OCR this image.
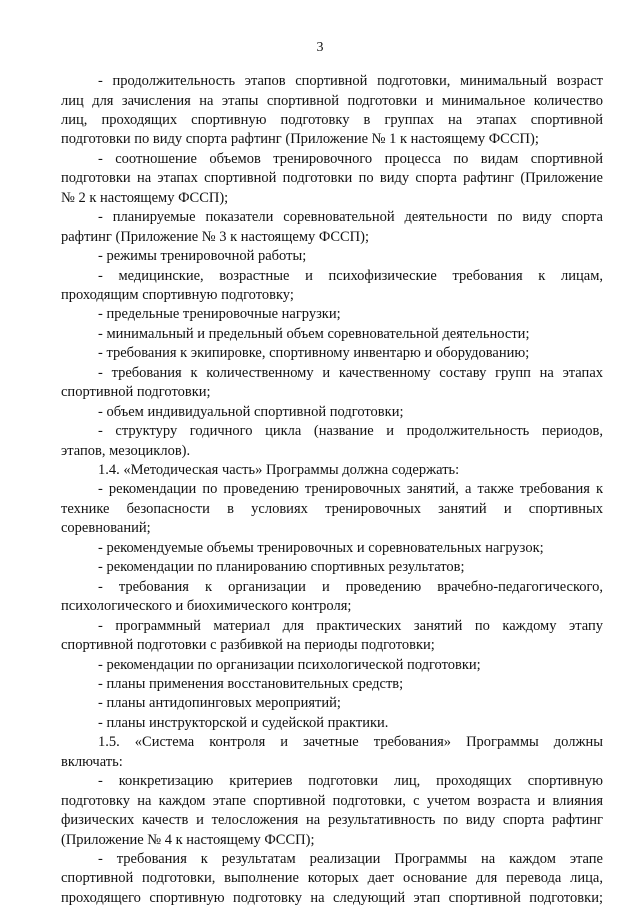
3
- продолжительность этапов спортивной подготовки, минимальный возраст
лиц для зачисления на этапы спортивной подготовки и минимальное количество
лиц, проходящих спортивную подготовку в группах на этапах спортивной
подготовки по виду спорта рафтинг (Приложение № 1 к настоящему ФССП);
- соотношение объемов тренировочного процесса по видам спортивной
подготовки на этапах спортивной подготовки по виду спорта рафтинг (Приложение
№ 2 к настоящему ФССП);
- планируемые показатели соревновательной деятельности по виду спорта
рафтинг (Приложение № 3 к настоящему ФССП);
- режимы тренировочной работы;
- медицинские, возрастные и психофизические требования к лицам,
проходящим спортивную подготовку;
- предельные тренировочные нагрузки;
- минимальный и предельный объем соревновательной деятельности;
- требования к экипировке, спортивному инвентарю и оборудованию;
- требования к количественному и качественному составу групп на этапах
спортивной подготовки;
- объем индивидуальной спортивной подготовки;
- структуру годичного цикла (название и продолжительность периодов,
этапов, мезоциклов).
1.4. «Методическая часть» Программы должна содержать:
- рекомендации по проведению тренировочных занятий, а также требования к
технике безопасности в условиях тренировочных занятий и спортивных
соревнований;
- рекомендуемые объемы тренировочных и соревновательных нагрузок;
- рекомендации по планированию спортивных результатов;
- требования к организации и проведению врачебно-педагогического,
психологического и биохимического контроля;
- программный материал для практических занятий по каждому этапу
спортивной подготовки с разбивкой на периоды подготовки;
- рекомендации по организации психологической подготовки;
- планы применения восстановительных средств;
- планы антидопинговых мероприятий;
- планы инструкторской и судейской практики.
1.5. «Система контроля и зачетные требования» Программы должны
включать:
- конкретизацию критериев подготовки лиц, проходящих спортивную
подготовку на каждом этапе спортивной подготовки, с учетом возраста и влияния
физических качеств и телосложения на результативность по виду спорта рафтинг
(Приложение № 4 к настоящему ФССП);
- требования к результатам реализации Программы на каждом этапе
спортивной подготовки, выполнение которых дает основание для перевода лица,
проходящего спортивную подготовку на следующий этап спортивной подготовки;
